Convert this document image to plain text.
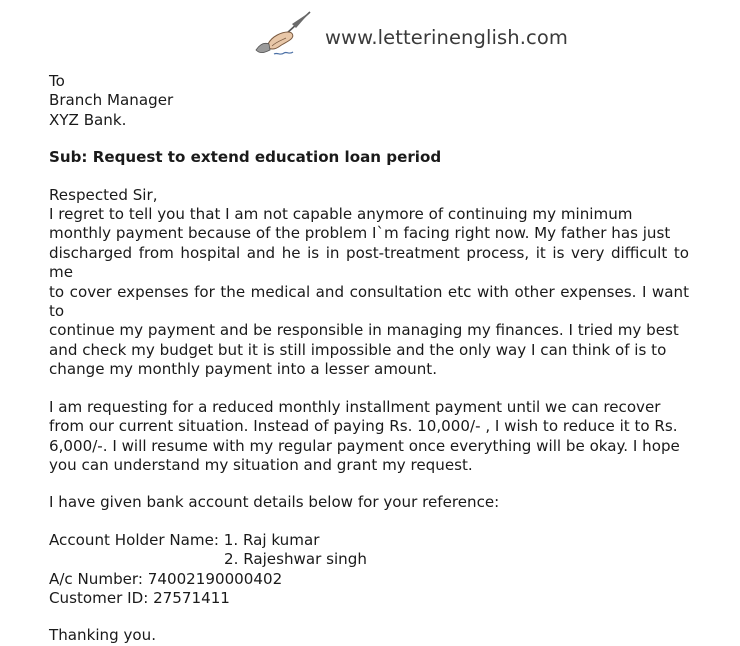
www.letterinenglish.com
To
Branch Manager
XYZ Bank.
Sub: Request to extend education loan period
Respected Sir,

I regret to tell you that I am not capable anymore of continuing my minimum

monthly payment because of the problem I`m facing right now. My father has just

discharged from hospital and he is in post-treatment process, it is very difficult to me

to cover expenses for the medical and consultation etc with other expenses. I want to

continue my payment and be responsible in managing my finances. I tried my best

and check my budget but it is still impossible and the only way I can think of is to

change my monthly payment into a lesser amount.

I am requesting for a reduced monthly installment payment until we can recover

from our current situation. Instead of paying Rs. 10,000/- , I wish to reduce it to Rs.

6,000/-. I will resume with my regular payment once everything will be okay. I hope

you can understand my situation and grant my request.

I have given bank account details below for your reference:
Account Holder Name: 1. Raj kumar
2. Rajeshwar singh
A/c Number: 74002190000402
Customer ID: 27571411
Thanking you.
